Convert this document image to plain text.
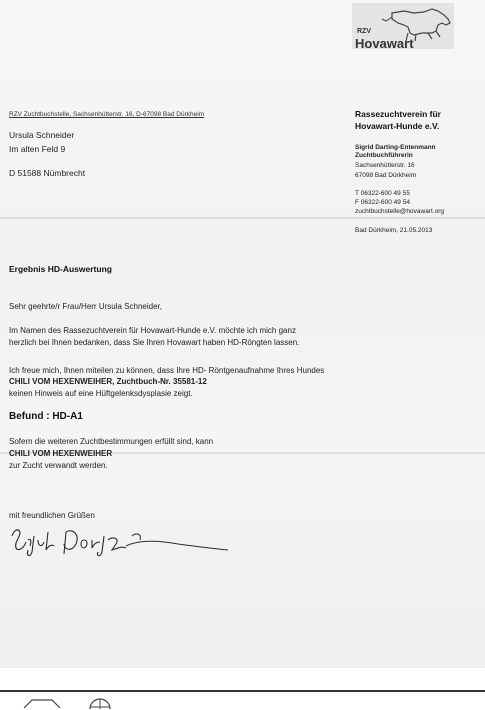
RZV
Hovawart
RZV Zuchtbuchstelle, Sachsenhütterstr. 16, D-67098 Bad Dürkheim
Ursula Schneider
Im alten Feld 9
D 51588 Nümbrecht
Rassezuchtverein für
Hovawart-Hunde e.V.
Sigrid Darting-Entenmann
Zuchtbuchführerin
Sachsenhütterstr. 16
67098 Bad Dürkheim
T 06322-600 49 55
F 06322-600 49 54
zuchtbuchstelle@hovawart.org
Bad Dürkheim, 21.05.2013
Ergebnis HD-Auswertung
Sehr geehrte/r Frau/Herr Ursula Schneider,
Im Namen des Rassezuchtverein für Hovawart-Hunde e.V. möchte ich mich ganz
herzlich bei Ihnen bedanken, dass Sie Ihren Hovawart haben HD-Röngten lassen.
Ich freue mich, Ihnen miteilen zu können, dass Ihre HD- Röntgenaufnahme Ihres Hundes
CHILI VOM HEXENWEIHER, Zuchtbuch-Nr. 35581-12
keinen Hinweis auf eine Hüftgelenksdysplasie zeigt.
Befund : HD-A1
Sofern die weiteren Zuchtbestimmungen erfüllt sind, kann
CHILI VOM HEXENWEIHER
zur Zucht verwandt werden.
mit freundlichen Grüßen
